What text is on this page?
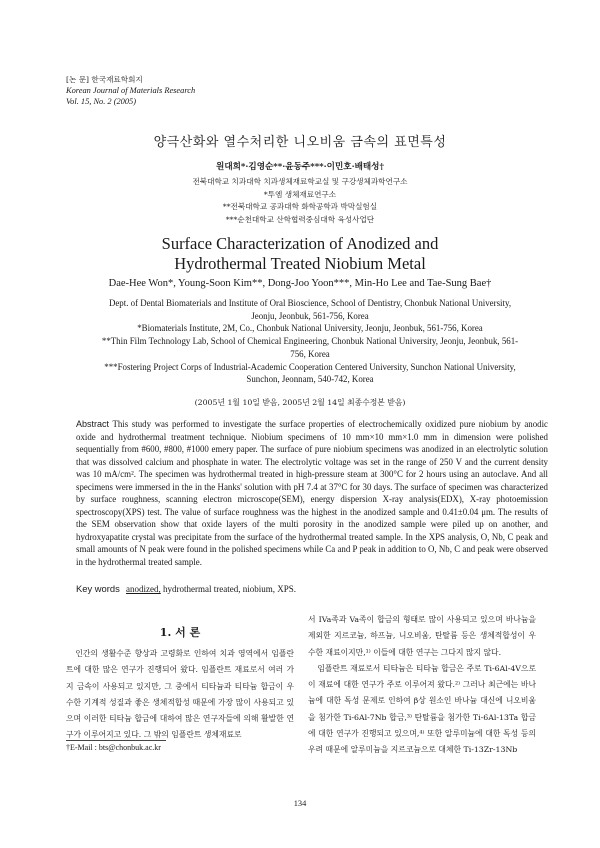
[논 문] 한국재료학회지
Korean Journal of Materials Research
Vol. 15, No. 2 (2005)
양극산화와 열수처리한 니오비움 금속의 표면특성
원대희*·김영순**·윤동주***·이민호·배태성†
전북대학교 치과대학 치과생체재료학교실 및 구강생체과학연구소
*투엠 생체재료연구소
**전북대학교 공과대학 화학공학과 박막실험실
***순천대학교 산학협력중심대학 육성사업단
Surface Characterization of Anodized and
Hydrothermal Treated Niobium Metal
Dae-Hee Won*, Young-Soon Kim**, Dong-Joo Yoon***, Min-Ho Lee and Tae-Sung Bae†

Dept. of Dental Biomaterials and Institute of Oral Bioscience, School of Dentistry, Chonbuk National University, Jeonju, Jeonbuk, 561-756, Korea

*Biomaterials Institute, 2M, Co., Chonbuk National University, Jeonju, Jeonbuk, 561-756, Korea

**Thin Film Technology Lab, School of Chemical Engineering, Chonbuk National University, Jeonju, Jeonbuk, 561-756, Korea

***Fostering Project Corps of Industrial-Academic Cooperation Centered University, Sunchon National University, Sunchon, Jeonnam, 540-742, Korea

(2005년 1월 10일 받음, 2005년 2월 14일 최종수정본 받음)
Abstract This study was performed to investigate the surface properties of electrochemically oxidized pure niobium by anodic oxide and hydrothermal treatment technique. Niobium specimens of 10 mm×10 mm×1.0 mm in dimension were polished sequentially from #600, #800, #1000 emery paper. The surface of pure niobium specimens was anodized in an electrolytic solution that was dissolved calcium and phosphate in water. The electrolytic voltage was set in the range of 250 V and the current density was 10 mA/cm². The specimen was hydrothermal treated in high-pressure steam at 300°C for 2 hours using an autoclave. And all specimens were immersed in the in the Hanks' solution with pH 7.4 at 37°C for 30 days. The surface of specimen was characterized by surface roughness, scanning electron microscope(SEM), energy dispersion X-ray analysis(EDX), X-ray photoemission spectroscopy(XPS) test. The value of surface roughness was the highest in the anodized sample and 0.41±0.04 μm. The results of the SEM observation show that oxide layers of the multi porosity in the anodized sample were piled up on another, and hydroxyapatite crystal was precipitate from the surface of the hydrothermal treated sample. In the XPS analysis, O, Nb, C peak and small amounts of N peak were found in the polished specimens while Ca and P peak in addition to O, Nb, C and peak were observed in the hydrothermal treated sample.
Key words anodized, hydrothermal treated, niobium, XPS.
1. 서 론

인간의 생활수준 향상과 고령화로 인하여 치과 영역에서 임플란트에 대한 많은 연구가 진행되어 왔다. 임플란트 재료로서 여러 가지 금속이 사용되고 있지만, 그 중에서 티타늄과 티타늄 합금이 우수한 기계적 성질과 좋은 생체적합성 때문에 가장 많이 사용되고 있으며 이러한 티타늄 합금에 대하여 많은 연구자들에 의해 활발한 연구가 이루어지고 있다. 그 밖의 임플란트 생체재료로

서 IVa족과 Va족이 합금의 형태로 많이 사용되고 있으며 바나늄을 제외한 지르코늄, 하프늄, 니오비움, 탄탈륨 등은 생체적합성이 우수한 재료이지만,¹⁾ 이들에 대한 연구는 그다지 많지 않다.

임플란트 재료로서 티타늄은 티타늄 합금은 주로 Ti-6Al-4V으로 이 재료에 대한 연구가 주로 이루어져 왔다.²⁾ 그러나 최근에는 바나늄에 대한 독성 문제로 인하여 β상 원소인 바나늄 대신에 니오비움을 첨가한 Ti-6Al-7Nb 합금,³⁾ 탄탈륨을 첨가한 Ti-6Al-13Ta 합금에 대한 연구가 진행되고 있으며,⁴⁾ 또한 알루미늄에 대한 독성 등의 우려 때문에 알루미늄을 지르코늄으로 대체한 Ti-13Zr-13Nb

†E-Mail : bts@chonbuk.ac.kr
134
